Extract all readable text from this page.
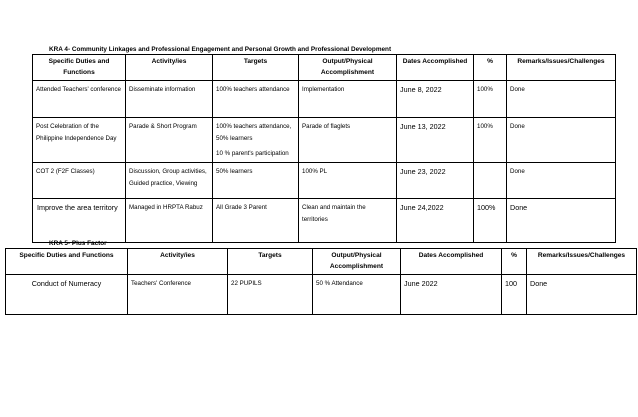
KRA 4- Community Linkages and Professional Engagement and Personal Growth and Professional Development
Specific Duties and Functions	Activity/ies	Targets	Output/Physical Accomplishment	Dates Accomplished	%	Remarks/Issues/Challenges

Attended Teachers' conference	Disseminate information	100% teachers attendance	Implementation	June 8, 2022	100%	Done

Post Celebration of the
Philippine Independence Day	Parade & Short Program	100% teachers attendance,
50% learners
10 % parent's participation	Parade of flaglets	June 13, 2022	100%	Done

COT 2 (F2F Classes)	Discussion, Group activities,
Guided practice, Viewing	50% learners	100% PL	June 23, 2022		Done

Improve the area territory	Managed in HRPTA Rabuz	All Grade 3 Parent	Clean and maintain the
territories	June 24,2022	100%	Done
KRA 5- Plus Factor
Specific Duties and Functions	Activity/ies	Targets	Output/Physical Accomplishment	Dates Accomplished	%	Remarks/Issues/Challenges
Conduct of Numeracy	Teachers' Conference	22 PUPILS	50 % Attendance	June 2022	100	Done
